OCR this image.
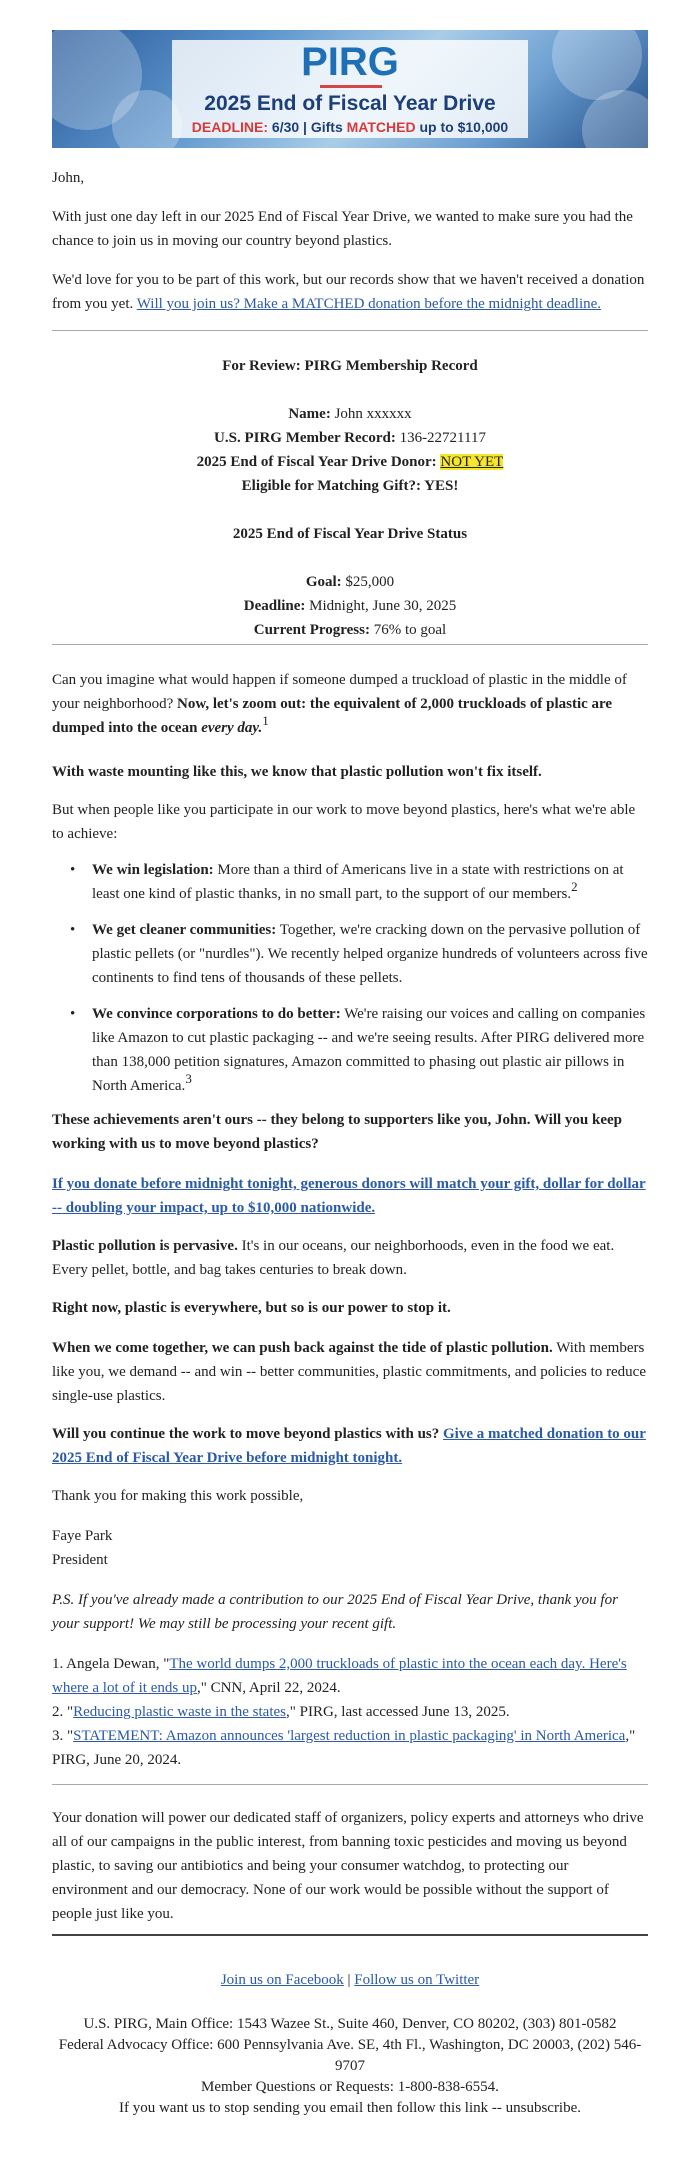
PIRG
2025 End of Fiscal Year Drive
DEADLINE: 6/30 | Gifts MATCHED up to $10,000

John,

With just one day left in our 2025 End of Fiscal Year Drive, we wanted to make sure you had the chance to join us in moving our country beyond plastics.

We'd love for you to be part of this work, but our records show that we haven't received a donation from you yet. Will you join us? Make a MATCHED donation before the midnight deadline.

For Review: PIRG Membership Record

Name: John xxxxxx

U.S. PIRG Member Record: 136-22721117

2025 End of Fiscal Year Drive Donor: NOT YET

Eligible for Matching Gift?: YES!

2025 End of Fiscal Year Drive Status

Goal: $25,000

Deadline: Midnight, June 30, 2025

Current Progress: 76% to goal

Can you imagine what would happen if someone dumped a truckload of plastic in the middle of your neighborhood? Now, let's zoom out: the equivalent of 2,000 truckloads of plastic are dumped into the ocean every day.$^1$

With waste mounting like this, we know that plastic pollution won't fix itself.

But when people like you participate in our work to move beyond plastics, here's what we're able to achieve:

• We win legislation: More than a third of Americans live in a state with restrictions on at least one kind of plastic thanks, in no small part, to the support of our members.$^2$
• We get cleaner communities: Together, we're cracking down on the pervasive pollution of plastic pellets (or "nurdles"). We recently helped organize hundreds of volunteers across five continents to find tens of thousands of these pellets.
• We convince corporations to do better: We're raising our voices and calling on companies like Amazon to cut plastic packaging -- and we're seeing results. After PIRG delivered more than 138,000 petition signatures, Amazon committed to phasing out plastic air pillows in North America.$^3$

These achievements aren't ours -- they belong to supporters like you, John. Will you keep working with us to move beyond plastics?

If you donate before midnight tonight, generous donors will match your gift, dollar for dollar -- doubling your impact, up to $10,000 nationwide.

Plastic pollution is pervasive. It's in our oceans, our neighborhoods, even in the food we eat. Every pellet, bottle, and bag takes centuries to break down.

Right now, plastic is everywhere, but so is our power to stop it.

When we come together, we can push back against the tide of plastic pollution. With members like you, we demand -- and win -- better communities, plastic commitments, and policies to reduce single-use plastics.

Will you continue the work to move beyond plastics with us? Give a matched donation to our 2025 End of Fiscal Year Drive before midnight tonight.

Thank you for making this work possible,

Faye Park

President

P.S. If you've already made a contribution to our 2025 End of Fiscal Year Drive, thank you for your support! We may still be processing your recent gift.

1. Angela Dewan, "The world dumps 2,000 truckloads of plastic into the ocean each day. Here's where a lot of it ends up," CNN, April 22, 2024.

2. "Reducing plastic waste in the states," PIRG, last accessed June 13, 2025.

3. "STATEMENT: Amazon announces 'largest reduction in plastic packaging' in North America," PIRG, June 20, 2024.

Your donation will power our dedicated staff of organizers, policy experts and attorneys who drive all of our campaigns in the public interest, from banning toxic pesticides and moving us beyond plastic, to saving our antibiotics and being your consumer watchdog, to protecting our environment and our democracy. None of our work would be possible without the support of people just like you.

Join us on Facebook | Follow us on Twitter

U.S. PIRG, Main Office: 1543 Wazee St., Suite 460, Denver, CO 80202, (303) 801-0582

Federal Advocacy Office: 600 Pennsylvania Ave. SE, 4th Fl., Washington, DC 20003, (202) 546-9707

Member Questions or Requests: 1-800-838-6554.

If you want us to stop sending you email then follow this link -- unsubscribe.
